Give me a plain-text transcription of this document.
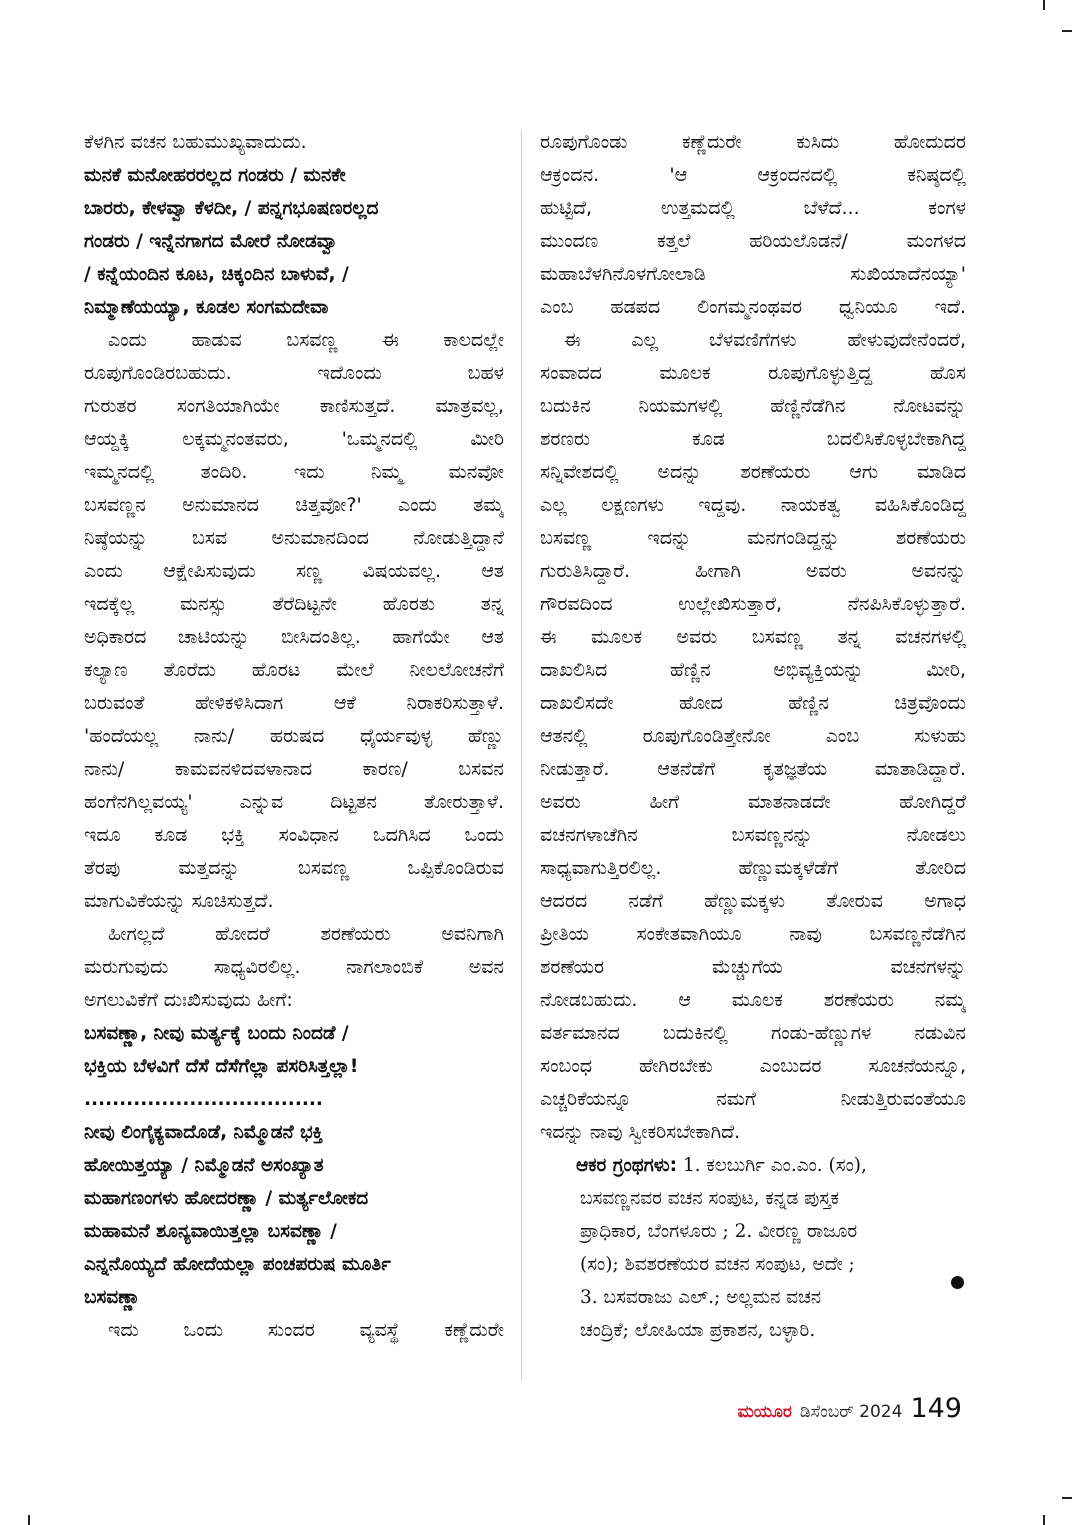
ಕೆಳಗಿನ ವಚನ ಬಹುಮುಖ್ಯವಾದುದು.
ಮನಕೆ ಮನೋಹರರಲ್ಲದ ಗಂಡರು / ಮನಕೇ
ಬಾರರು, ಕೇಳವ್ವಾ ಕೆಳದೀ, / ಪನ್ನಗಭೂಷಣರಲ್ಲದ
ಗಂಡರು / ಇನ್ನೆನಗಾಗದ ಮೋರೆ ನೋಡವ್ವಾ
/ ಕನ್ನೆಯಂದಿನ ಕೂಟ, ಚಿಕ್ಕಂದಿನ ಬಾಳುವೆ, /
ನಿಮ್ಮಾಣೆಯಯ್ಯಾ, ಕೂಡಲ ಸಂಗಮದೇವಾ
ಎಂದು ಹಾಡುವ ಬಸವಣ್ಣ ಈ ಕಾಲದಲ್ಲೇ
ರೂಪುಗೊಂಡಿರಬಹುದು. ಇದೊಂದು ಬಹಳ
ಗುರುತರ ಸಂಗತಿಯಾಗಿಯೇ ಕಾಣಿಸುತ್ತದೆ. ಮಾತ್ರವಲ್ಲ,
ಆಯ್ದಕ್ಕಿ ಲಕ್ಕಮ್ಮನಂತವರು, 'ಒಮ್ಮನದಲ್ಲಿ ಮೀರಿ
ಇಮ್ಮನದಲ್ಲಿ ತಂದಿರಿ. ಇದು ನಿಮ್ಮ ಮನವೋ
ಬಸವಣ್ಣನ ಅನುಮಾನದ ಚಿತ್ತವೋ?' ಎಂದು ತಮ್ಮ
ನಿಷ್ಠೆಯನ್ನು ಬಸವ ಅನುಮಾನದಿಂದ ನೋಡುತ್ತಿದ್ದಾನೆ
ಎಂದು ಆಕ್ಷೇಪಿಸುವುದು ಸಣ್ಣ ವಿಷಯವಲ್ಲ. ಆತ
ಇದಕ್ಕೆಲ್ಲ ಮನಸ್ಸು ತೆರೆದಿಟ್ಟನೇ ಹೊರತು ತನ್ನ
ಅಧಿಕಾರದ ಚಾಟಿಯನ್ನು ಬೀಸಿದಂತಿಲ್ಲ. ಹಾಗೆಯೇ ಆತ
ಕಲ್ಯಾಣ ತೊರೆದು ಹೊರಟ ಮೇಲೆ ನೀಲಲೋಚನೆಗೆ
ಬರುವಂತೆ ಹೇಳಿಕಳಿಸಿದಾಗ ಆಕೆ ನಿರಾಕರಿಸುತ್ತಾಳೆ.
'ಹಂದೆಯಲ್ಲ ನಾನು/ ಹರುಷದ ಧೈರ್ಯವುಳ್ಳ ಹೆಣ್ಣು
ನಾನು/ ಕಾಮವನಳಿದವಳಾನಾದ ಕಾರಣ/ ಬಸವನ
ಹಂಗೆನಗಿಲ್ಲವಯ್ಯ' ಎನ್ನುವ ದಿಟ್ಟತನ ತೋರುತ್ತಾಳೆ.
ಇದೂ ಕೂಡ ಭಕ್ತಿ ಸಂವಿಧಾನ ಒದಗಿಸಿದ ಒಂದು
ತೆರಪು ಮತ್ತದನ್ನು ಬಸವಣ್ಣ ಒಪ್ಪಿಕೊಂಡಿರುವ
ಮಾಗುವಿಕೆಯನ್ನು ಸೂಚಿಸುತ್ತದೆ.
ಹೀಗಲ್ಲದೆ ಹೋದರೆ ಶರಣೆಯರು ಅವನಿಗಾಗಿ
ಮರುಗುವುದು ಸಾಧ್ಯವಿರಲಿಲ್ಲ. ನಾಗಲಾಂಬಿಕೆ ಅವನ
ಅಗಲುವಿಕೆಗೆ ದುಃಖಿಸುವುದು ಹೀಗೆ:
ಬಸವಣ್ಣಾ, ನೀವು ಮರ್ತ್ಯಕ್ಕೆ ಬಂದು ನಿಂದಡೆ /
ಭಕ್ತಿಯ ಬೆಳವಿಗೆ ದೆಸೆ ದೆಸೆಗೆಲ್ಲಾ ಪಸರಿಸಿತ್ತಲ್ಲಾ!
..................................
ನೀವು ಲಿಂಗೈಕ್ಯವಾದೊಡೆ, ನಿಮ್ಮೊಡನೆ ಭಕ್ತಿ
ಹೋಯಿತ್ತಯ್ಯಾ / ನಿಮ್ಮೊಡನೆ ಅಸಂಖ್ಯಾತ
ಮಹಾಗಣಂಗಳು ಹೋದರಣ್ಣಾ / ಮರ್ತ್ಯಲೋಕದ
ಮಹಾಮನೆ ಶೂನ್ಯವಾಯಿತ್ತಲ್ಲಾ ಬಸವಣ್ಣಾ /
ಎನ್ನನೊಯ್ಯದೆ ಹೋದೆಯಲ್ಲಾ ಪಂಚಪರುಷ ಮೂರ್ತಿ
ಬಸವಣ್ಣಾ
ಇದು ಒಂದು ಸುಂದರ ವ್ಯವಸ್ಥೆ ಕಣ್ಣೆದುರೇ
ರೂಪುಗೊಂಡು ಕಣ್ಣೆದುರೇ ಕುಸಿದು ಹೋದುದರ
ಆಕ್ರಂದನ. 'ಆ ಆಕ್ರಂದನದಲ್ಲಿ ಕನಿಷ್ಠದಲ್ಲಿ
ಹುಟ್ಟಿದೆ, ಉತ್ತಮದಲ್ಲಿ ಬೆಳೆದೆ... ಕಂಗಳ
ಮುಂದಣ ಕತ್ತಲೆ ಹರಿಯಲೊಡನೆ/ ಮಂಗಳದ
ಮಹಾಬೆಳಗಿನೊಳಗೋಲಾಡಿ ಸುಖಿಯಾದೆನಯ್ಯಾ'
ಎಂಬ ಹಡಪದ ಲಿಂಗಮ್ಮನಂಥವರ ಧ್ವನಿಯೂ ಇದೆ.
ಈ ಎಲ್ಲ ಬೆಳವಣಿಗೆಗಳು ಹೇಳುವುದೇನೆಂದರೆ,
ಸಂವಾದದ ಮೂಲಕ ರೂಪುಗೊಳ್ಳುತ್ತಿದ್ದ ಹೊಸ
ಬದುಕಿನ ನಿಯಮಗಳಲ್ಲಿ ಹೆಣ್ಣಿನೆಡೆಗಿನ ನೋಟವನ್ನು
ಶರಣರು ಕೂಡ ಬದಲಿಸಿಕೊಳ್ಳಬೇಕಾಗಿದ್ದ
ಸನ್ನಿವೇಶದಲ್ಲಿ ಅದನ್ನು ಶರಣೆಯರು ಆಗು ಮಾಡಿದ
ಎಲ್ಲ ಲಕ್ಷಣಗಳು ಇದ್ದವು. ನಾಯಕತ್ವ ವಹಿಸಿಕೊಂಡಿದ್ದ
ಬಸವಣ್ಣ ಇದನ್ನು ಮನಗಂಡಿದ್ದನ್ನು ಶರಣೆಯರು
ಗುರುತಿಸಿದ್ದಾರೆ. ಹೀಗಾಗಿ ಅವರು ಅವನನ್ನು
ಗೌರವದಿಂದ ಉಲ್ಲೇಖಿಸುತ್ತಾರೆ, ನೆನಪಿಸಿಕೊಳ್ಳುತ್ತಾರೆ.
ಈ ಮೂಲಕ ಅವರು ಬಸವಣ್ಣ ತನ್ನ ವಚನಗಳಲ್ಲಿ
ದಾಖಲಿಸಿದ ಹೆಣ್ಣಿನ ಅಭಿವ್ಯಕ್ತಿಯನ್ನು ಮೀರಿ,
ದಾಖಲಿಸದೇ ಹೋದ ಹೆಣ್ಣಿನ ಚಿತ್ರವೊಂದು
ಆತನಲ್ಲಿ ರೂಪುಗೊಂಡಿತ್ತೇನೋ ಎಂಬ ಸುಳುಹು
ನೀಡುತ್ತಾರೆ. ಆತನೆಡೆಗೆ ಕೃತಜ್ಞತೆಯ ಮಾತಾಡಿದ್ದಾರೆ.
ಅವರು ಹೀಗೆ ಮಾತನಾಡದೇ ಹೋಗಿದ್ದರೆ
ವಚನಗಳಾಚೆಗಿನ ಬಸವಣ್ಣನನ್ನು ನೋಡಲು
ಸಾಧ್ಯವಾಗುತ್ತಿರಲಿಲ್ಲ. ಹೆಣ್ಣುಮಕ್ಕಳೆಡೆಗೆ ತೋರಿದ
ಆದರದ ನಡೆಗೆ ಹೆಣ್ಣುಮಕ್ಕಳು ತೋರುವ ಅಗಾಧ
ಪ್ರೀತಿಯ ಸಂಕೇತವಾಗಿಯೂ ನಾವು ಬಸವಣ್ಣನೆಡೆಗಿನ
ಶರಣೆಯರ ಮೆಚ್ಚುಗೆಯ ವಚನಗಳನ್ನು
ನೋಡಬಹುದು. ಆ ಮೂಲಕ ಶರಣೆಯರು ನಮ್ಮ
ವರ್ತಮಾನದ ಬದುಕಿನಲ್ಲಿ ಗಂಡು-ಹೆಣ್ಣುಗಳ ನಡುವಿನ
ಸಂಬಂಧ ಹೇಗಿರಬೇಕು ಎಂಬುದರ ಸೂಚನೆಯನ್ನೂ,
ಎಚ್ಚರಿಕೆಯನ್ನೂ ನಮಗೆ ನೀಡುತ್ತಿರುವಂತೆಯೂ
ಇದನ್ನು ನಾವು ಸ್ವೀಕರಿಸಬೇಕಾಗಿದೆ.
ಆಕರ ಗ್ರಂಥಗಳು: 1. ಕಲಬುರ್ಗಿ ಎಂ.ಎಂ. (ಸಂ),
ಬಸವಣ್ಣನವರ ವಚನ ಸಂಪುಟ, ಕನ್ನಡ ಪುಸ್ತಕ
ಪ್ರಾಧಿಕಾರ, ಬೆಂಗಳೂರು ; 2. ವೀರಣ್ಣ ರಾಜೂರ
(ಸಂ); ಶಿವಶರಣೆಯರ ವಚನ ಸಂಪುಟ, ಅದೇ ;
3. ಬಸವರಾಜು ಎಲ್.; ಅಲ್ಲಮನ ವಚನ
ಚಂದ್ರಿಕೆ; ಲೋಹಿಯಾ ಪ್ರಕಾಶನ, ಬಳ್ಳಾರಿ.
ಮಯೂರ ಡಿಸೆಂಬರ್ 2024 149
